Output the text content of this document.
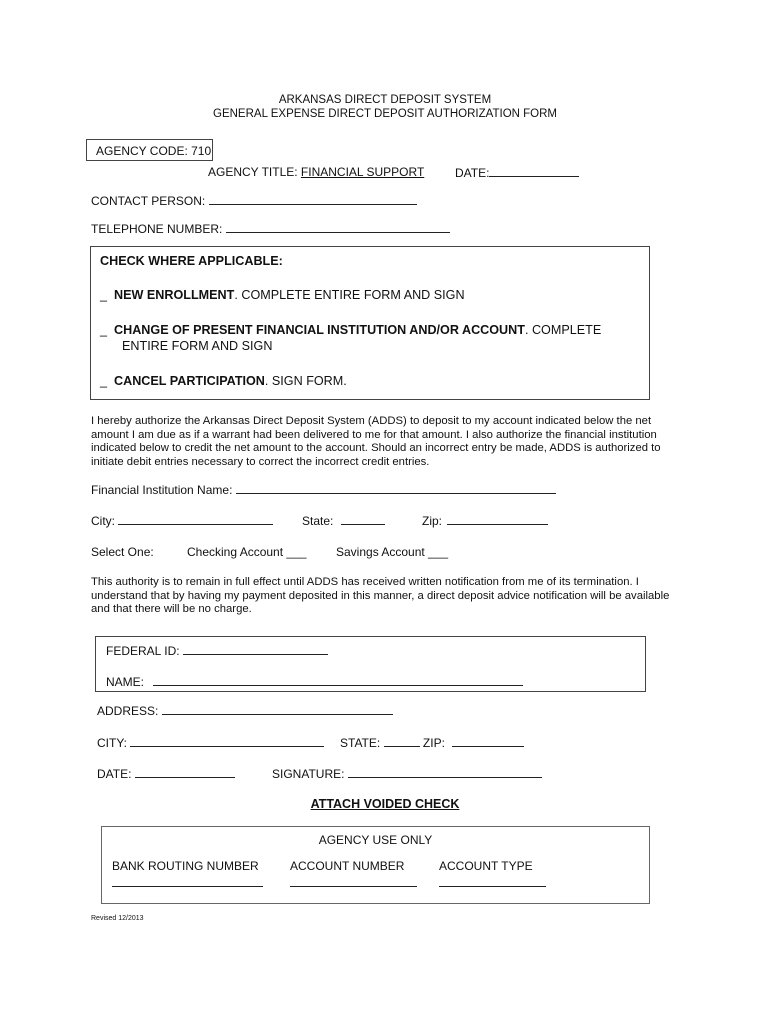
ARKANSAS DIRECT DEPOSIT SYSTEM
GENERAL EXPENSE DIRECT DEPOSIT AUTHORIZATION FORM
AGENCY CODE: 710
AGENCY TITLE: FINANCIAL SUPPORT	DATE:
CONTACT PERSON:
TELEPHONE NUMBER:
CHECK WHERE APPLICABLE:
_ NEW ENROLLMENT. COMPLETE ENTIRE FORM AND SIGN
_ CHANGE OF PRESENT FINANCIAL INSTITUTION AND/OR ACCOUNT. COMPLETE
ENTIRE FORM AND SIGN
_ CANCEL PARTICIPATION. SIGN FORM.
I hereby authorize the Arkansas Direct Deposit System (ADDS) to deposit to my account indicated below the net amount I am due as if a warrant had been delivered to me for that amount. I also authorize the financial institution indicated below to credit the net amount to the account. Should an incorrect entry be made, ADDS is authorized to initiate debit entries necessary to correct the incorrect credit entries.
Financial Institution Name:
City:	State:	Zip:
Select One:	Checking Account ___ Savings Account ___
This authority is to remain in full effect until ADDS has received written notification from me of its termination. I understand that by having my payment deposited in this manner, a direct deposit advice notification will be available and that there will be no charge.
FEDERAL ID:
NAME:
ADDRESS:
CITY:	STATE:	ZIP:
DATE:	SIGNATURE:
ATTACH VOIDED CHECK
AGENCY USE ONLY
BANK ROUTING NUMBER	ACCOUNT NUMBER	ACCOUNT TYPE
Revised 12/2013
